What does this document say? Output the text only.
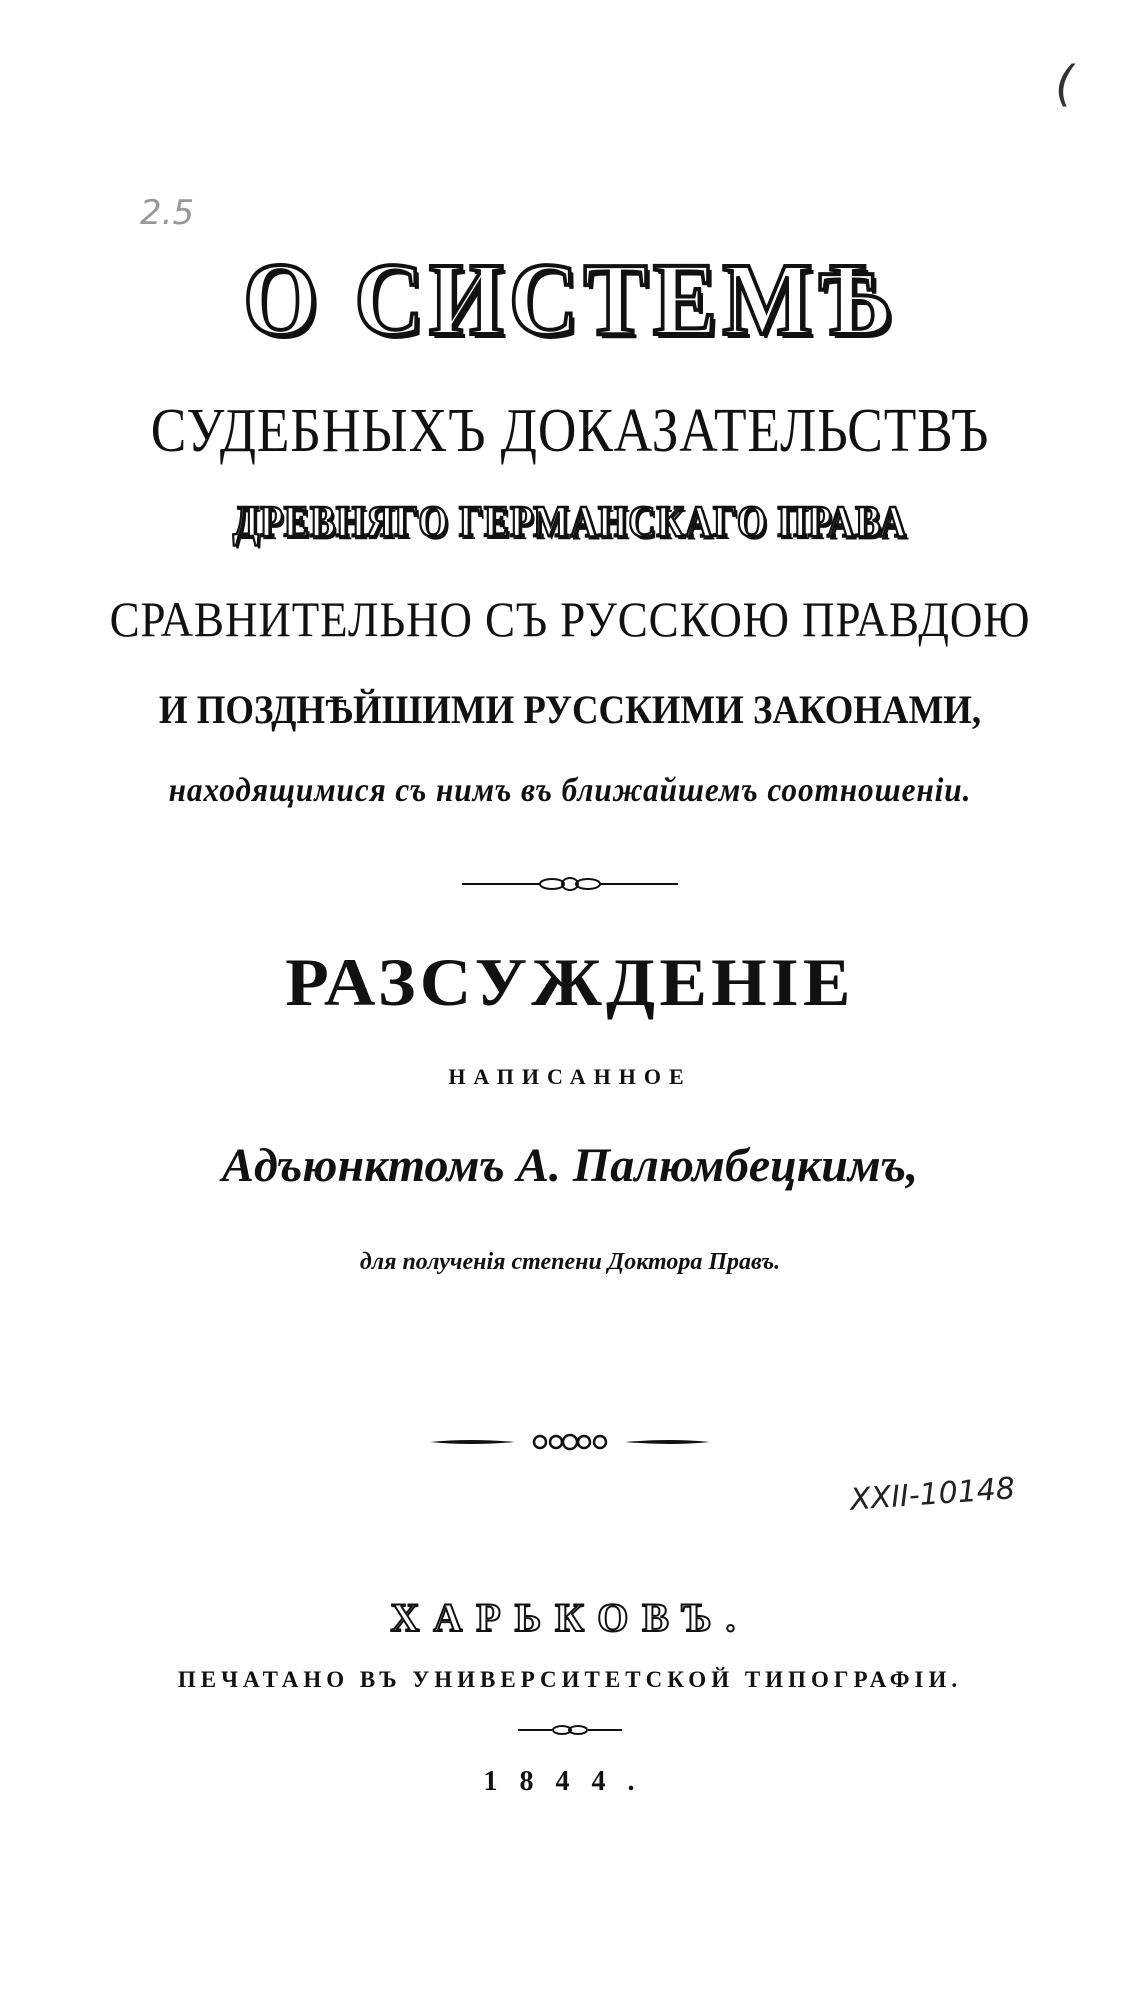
(
2.5
О СИСТЕМѢ
СУДЕБНЫХЪ ДОКАЗАТЕЛЬСТВЪ
ДРЕВНЯГО ГЕРМАНСКАГО ПРАВА
СРАВНИТЕЛЬНО СЪ РУССКОЮ ПРАВДОЮ
И ПОЗДНѢЙШИМИ РУССКИМИ ЗАКОНАМИ,
находящимися съ нимъ въ ближайшемъ соотношеніи.
РАЗСУЖДЕНІЕ
НАПИСАННОЕ
Адъюнктомъ А. Палюмбецкимъ,
для полученія степени Доктора Правъ.
XXII-10148
ХАРЬКОВЪ.
ПЕЧАТАНО ВЪ УНИВЕРСИТЕТСКОЙ ТИПОГРАФІИ.
1844.
